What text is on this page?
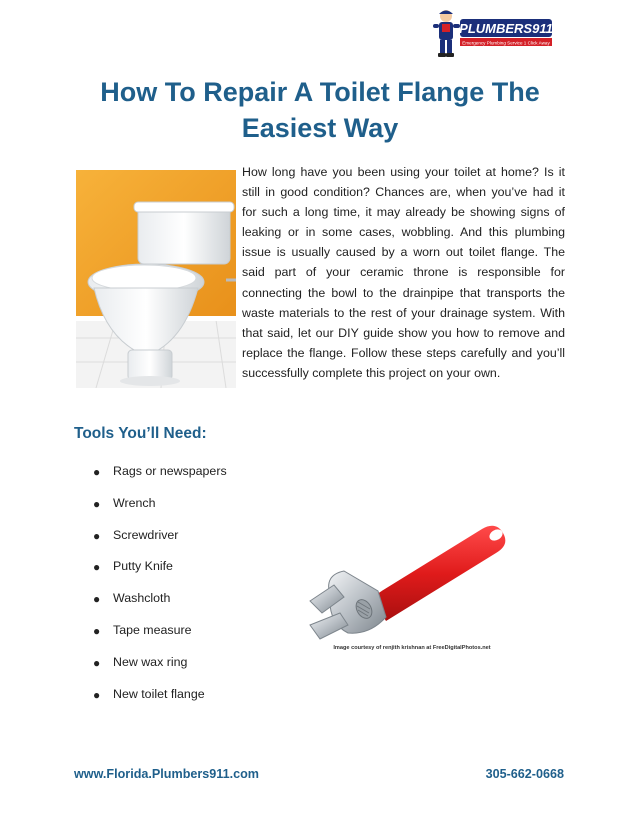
PLUMBERS911
Emergency Plumbing Service 1 Click Away
How To Repair A Toilet Flange The Easiest Way

How long have you been using your toilet at home? Is it still in good condition? Chances are, when you’ve had it for such a long time, it may already be showing signs of leaking or in some cases, wobbling. And this plumbing issue is usually caused by a worn out toilet flange. The said part of your ceramic throne is responsible for connecting the bowl to the drainpipe that transports the waste materials to the rest of your drainage system. With that said, let our DIY guide show you how to remove and replace the flange. Follow these steps carefully and you’ll successfully complete this project on your own.

Tools You’ll Need:
● Rags or newspapers
● Wrench
● Screwdriver
● Putty Knife
● Washcloth
● Tape measure
● New wax ring
● New toilet flange
Image courtesy of renjith krishnan at FreeDigitalPhotos.net
www.Florida.Plumbers911.com	305-662-0668
